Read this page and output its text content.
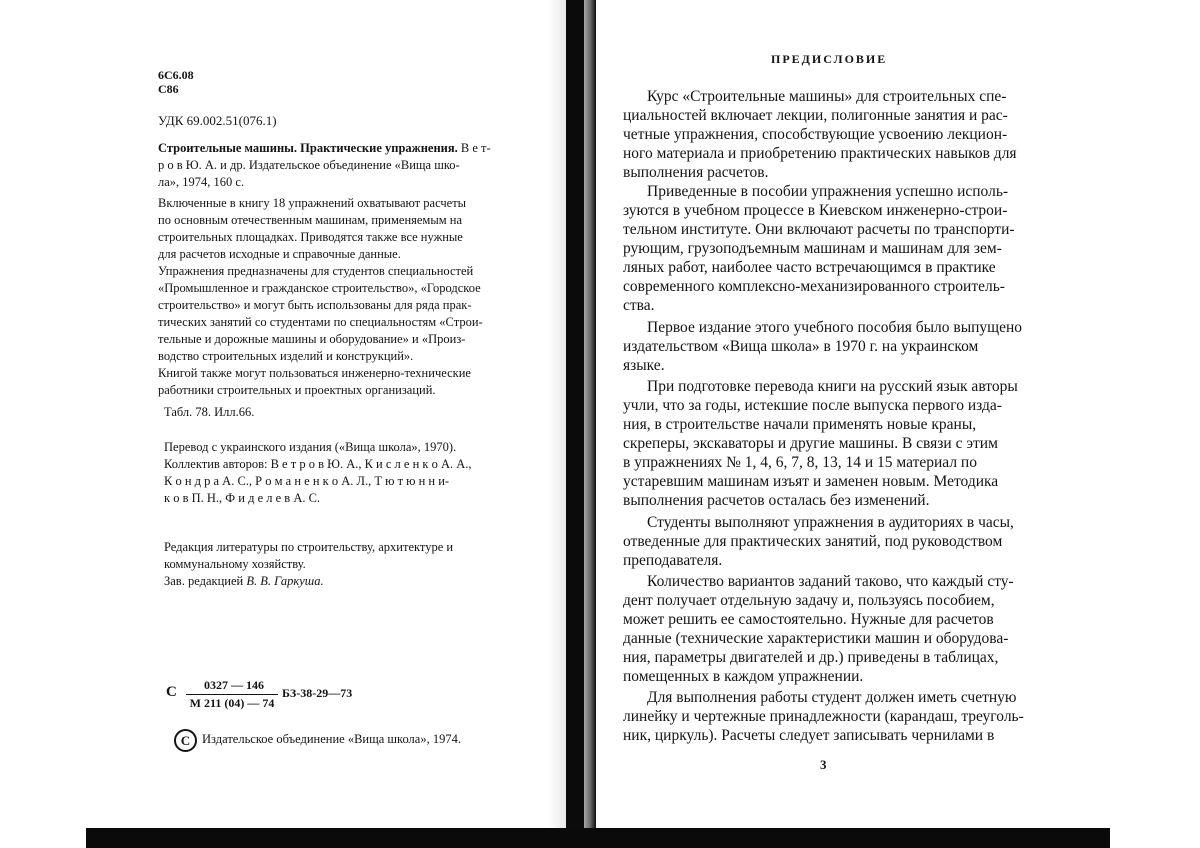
6С6.08
С86
УДК 69.002.51(076.1)
Строительные машины. Практические упражнения. В е т-
р о в Ю. А. и др. Издательское объединение «Вища шко-
ла», 1974, 160 с.
Включенные в книгу 18 упражнений охватывают расчеты
по основным отечественным машинам, применяемым на
строительных площадках. Приводятся также все нужные
для расчетов исходные и справочные данные.
Упражнения предназначены для студентов специальностей
«Промышленное и гражданское строительство», «Городское
строительство» и могут быть использованы для ряда прак-
тических занятий со студентами по специальностям «Строи-
тельные и дорожные машины и оборудование» и «Произ-
водство строительных изделий и конструкций».
Книгой также могут пользоваться инженерно-технические
работники строительных и проектных организаций.
Табл. 78. Илл.66.
Перевод с украинского издания («Вища школа», 1970).
Коллектив авторов: В е т р о в Ю. А., К и с л е н к о А. А.,
К о н д р а А. С., Р о м а н е н к о А. Л., Т ю т ю н н и-
к о в П. Н., Ф и д е л е в А. С.
Редакция литературы по строительству, архитектуре и
коммунальному хозяйству.
Зав. редакцией В. В. Гаркуша.
С	0327 — 146
М 211 (04) — 74
БЗ-38-29—73
C Издательское объединение «Вища школа», 1974.
ПРЕДИСЛОВИЕ
Курс «Строительные машины» для строительных спе-
циальностей включает лекции, полигонные занятия и рас-
четные упражнения, способствующие усвоению лекцион-
ного материала и приобретению практических навыков для
выполнения расчетов.
Приведенные в пособии упражнения успешно исполь-
зуются в учебном процессе в Киевском инженерно-строи-
тельном институте. Они включают расчеты по транспорти-
рующим, грузоподъемным машинам и машинам для зем-
ляных работ, наиболее часто встречающимся в практике
современного комплексно-механизированного строитель-
ства.
Первое издание этого учебного пособия было выпущено
издательством «Вища школа» в 1970 г. на украинском
языке.
При подготовке перевода книги на русский язык авторы
учли, что за годы, истекшие после выпуска первого изда-
ния, в строительстве начали применять новые краны,
скреперы, экскаваторы и другие машины. В связи с этим
в упражнениях № 1, 4, 6, 7, 8, 13, 14 и 15 материал по
устаревшим машинам изъят и заменен новым. Методика
выполнения расчетов осталась без изменений.
Студенты выполняют упражнения в аудиториях в часы,
отведенные для практических занятий, под руководством
преподавателя.
Количество вариантов заданий таково, что каждый сту-
дент получает отдельную задачу и, пользуясь пособием,
может решить ее самостоятельно. Нужные для расчетов
данные (технические характеристики машин и оборудова-
ния, параметры двигателей и др.) приведены в таблицах,
помещенных в каждом упражнении.
Для выполнения работы студент должен иметь счетную
линейку и чертежные принадлежности (карандаш, треуголь-
ник, циркуль). Расчеты следует записывать чернилами в
3
